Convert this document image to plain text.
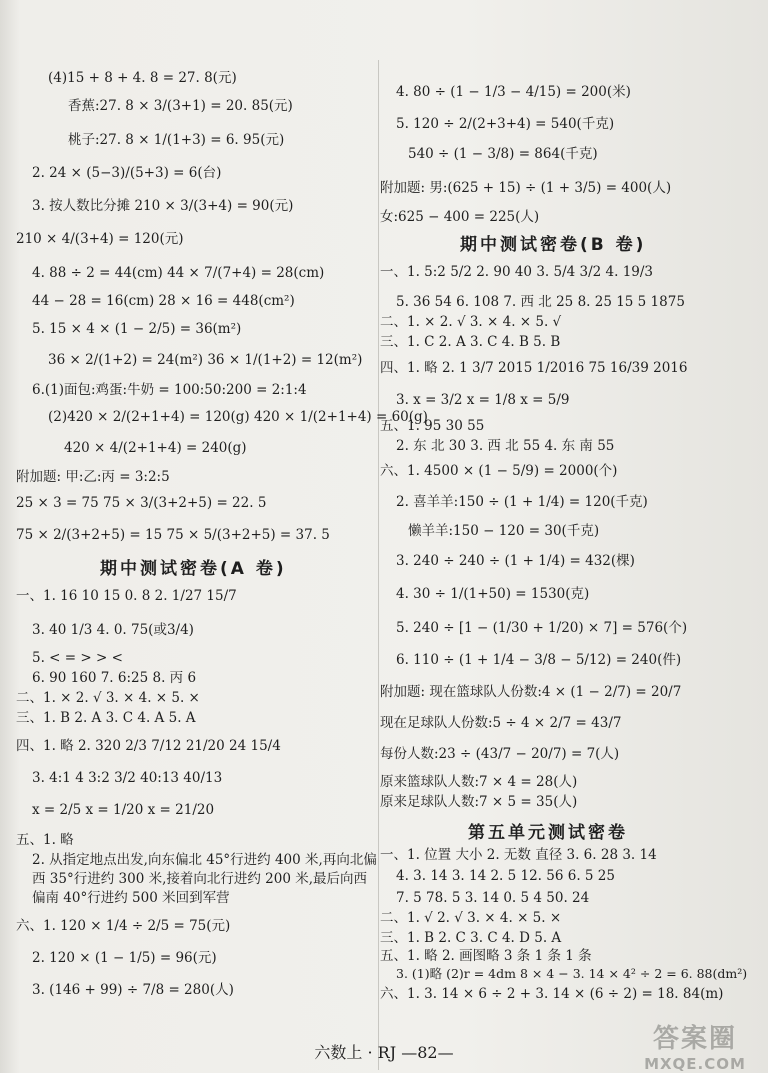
(4)15 + 8 + 4. 8 = 27. 8(元)
香蕉:27. 8 × 3/(3+1) = 20. 85(元)
桃子:27. 8 × 1/(1+3) = 6. 95(元)
2. 24 × (5−3)/(5+3) = 6(台)
3. 按人数比分摊 210 × 3/(3+4) = 90(元)
210 × 4/(3+4) = 120(元)
4. 88 ÷ 2 = 44(cm) 44 × 7/(7+4) = 28(cm)
44 − 28 = 16(cm) 28 × 16 = 448(cm²)
5. 15 × 4 × (1 − 2/5) = 36(m²)
36 × 2/(1+2) = 24(m²) 36 × 1/(1+2) = 12(m²)
6.(1)面包:鸡蛋:牛奶 = 100:50:200 = 2:1:4
(2)420 × 2/(2+1+4) = 120(g) 420 × 1/(2+1+4) = 60(g)
420 × 4/(2+1+4) = 240(g)
附加题: 甲:乙:丙 = 3:2:5
25 × 3 = 75 75 × 3/(3+2+5) = 22. 5
75 × 2/(3+2+5) = 15 75 × 5/(3+2+5) = 37. 5
期中测试密卷(A 卷)
一、1. 16 10 15 0. 8 2. 1/27 15/7
3. 40 1/3 4. 0. 75(或3/4)
5. < = > > <
6. 90 160 7. 6:25 8. 丙 6
二、1. × 2. √ 3. × 4. × 5. ×
三、1. B 2. A 3. C 4. A 5. A
四、1. 略 2. 320 2/3 7/12 21/20 24 15/4
3. 4:1 4 3:2 3/2 40:13 40/13
x = 2/5 x = 1/20 x = 21/20
五、1. 略
2. 从指定地点出发,向东偏北 45°行进约 400 米,再向北偏
西 35°行进约 300 米,接着向北行进约 200 米,最后向西
偏南 40°行进约 500 米回到军营
六、1. 120 × 1/4 ÷ 2/5 = 75(元)
2. 120 × (1 − 1/5) = 96(元)
3. (146 + 99) ÷ 7/8 = 280(人)
4. 80 ÷ (1 − 1/3 − 4/15) = 200(米)
5. 120 ÷ 2/(2+3+4) = 540(千克)
540 ÷ (1 − 3/8) = 864(千克)
附加题: 男:(625 + 15) ÷ (1 + 3/5) = 400(人)
女:625 − 400 = 225(人)
期中测试密卷(B 卷)
一、1. 5:2 5/2 2. 90 40 3. 5/4 3/2 4. 19/3
5. 36 54 6. 108 7. 西 北 25 8. 25 15 5 1875
二、1. × 2. √ 3. × 4. × 5. √
三、1. C 2. A 3. C 4. B 5. B
四、1. 略 2. 1 3/7 2015 1/2016 75 16/39 2016
3. x = 3/2 x = 1/8 x = 5/9
五、1. 95 30 55
2. 东 北 30 3. 西 北 55 4. 东 南 55
六、1. 4500 × (1 − 5/9) = 2000(个)
2. 喜羊羊:150 ÷ (1 + 1/4) = 120(千克)
懒羊羊:150 − 120 = 30(千克)
3. 240 ÷ 240 ÷ (1 + 1/4) = 432(棵)
4. 30 ÷ 1/(1+50) = 1530(克)
5. 240 ÷ [1 − (1/30 + 1/20) × 7] = 576(个)
6. 110 ÷ (1 + 1/4 − 3/8 − 5/12) = 240(件)
附加题: 现在篮球队人份数:4 × (1 − 2/7) = 20/7
现在足球队人份数:5 ÷ 4 × 2/7 = 43/7
每份人数:23 ÷ (43/7 − 20/7) = 7(人)
原来篮球队人数:7 × 4 = 28(人)
原来足球队人数:7 × 5 = 35(人)
第五单元测试密卷
一、1. 位置 大小 2. 无数 直径 3. 6. 28 3. 14
4. 3. 14̇ 3. 14 2. 5 12. 56 6. 5 25
7. 5 78. 5 3. 14 0. 5 4 50. 24
二、1. √ 2. √ 3. × 4. × 5. ×
三、1. B 2. C 3. C 4. D 5. A
五、1. 略 2. 画图略 3 条 1 条 1 条
3. (1)略 (2)r = 4dm 8 × 4 − 3. 14 × 4² ÷ 2 = 6. 88(dm²)
六、1. 3. 14 × 6 ÷ 2 + 3. 14 × (6 ÷ 2) = 18. 84(m)
六数上 · RJ —82—	答案圈
MXQE.COM
